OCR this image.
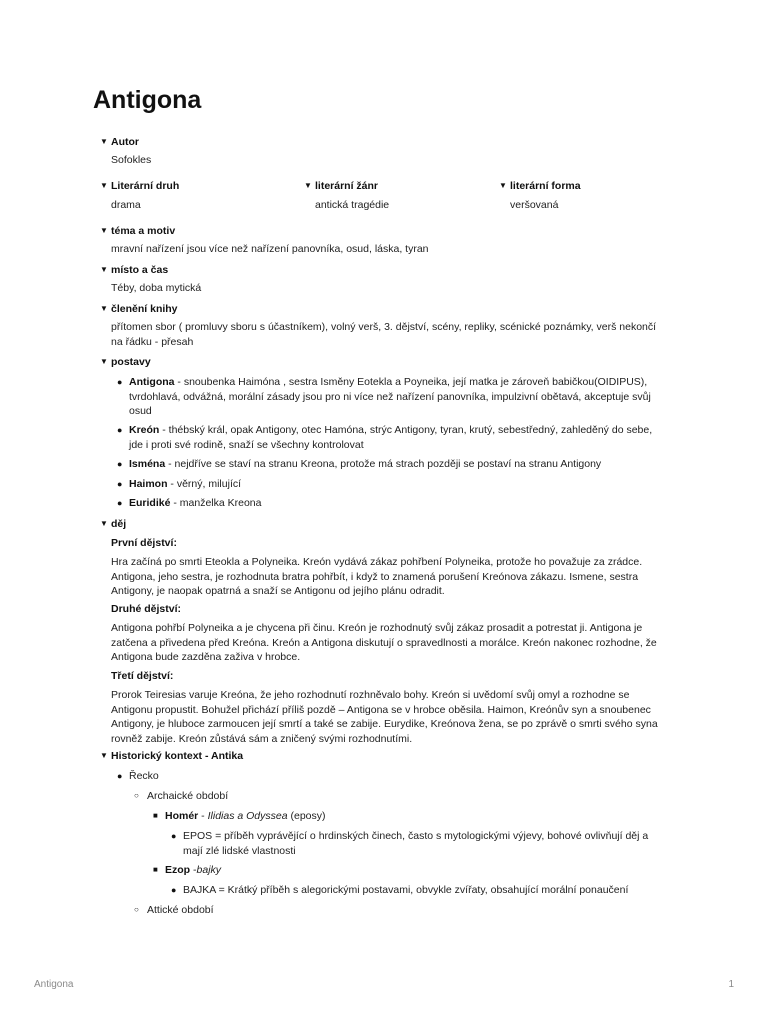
Antigona
▼ Autor
Sofokles
▼ Literární druh
drama
▼ literární žánr
antická tragédie
▼ literární forma
veršovaná
▼ téma a motiv
mravní nařízení jsou více než nařízení panovníka, osud, láska, tyran
▼ místo a čas
Téby, doba mytická
▼ členění knihy
přítomen sbor ( promluvy sboru s účastníkem), volný verš, 3. dějství, scény, repliky, scénické poznámky, verš nekončí
na řádku - přesah
▼ postavy
● Antigona - snoubenka Haimóna , sestra Isměny Eotekla a Poyneika, její matka je zároveň babičkou(OIDIPUS),
tvrdohlavá, odvážná, morální zásady jsou pro ni více než nařízení panovníka, impulzivní obětavá, akceptuje svůj
osud
● Kreón - thébský král, opak Antigony, otec Hamóna, strýc Antigony, tyran, krutý, sebestředný, zahleděný do sebe,
jde i proti své rodině, snaží se všechny kontrolovat
● Isména - nejdříve se staví na stranu Kreona, protože má strach později se postaví na stranu Antigony
● Haimon - věrný, milující
● Euridiké - manželka Kreona
▼ děj
První dějství:
Hra začíná po smrti Eteokla a Polyneika. Kreón vydává zákaz pohřbení Polyneika, protože ho považuje za zrádce.
Antigona, jeho sestra, je rozhodnuta bratra pohřbít, i když to znamená porušení Kreónova zákazu. Ismene, sestra
Antigony, je naopak opatrná a snaží se Antigonu od jejího plánu odradit.
Druhé dějství:
Antigona pohřbí Polyneika a je chycena při činu. Kreón je rozhodnutý svůj zákaz prosadit a potrestat ji. Antigona je
zatčena a přivedena před Kreóna. Kreón a Antigona diskutují o spravedlnosti a morálce. Kreón nakonec rozhodne, že
Antigona bude zazděna zaživa v hrobce.
Třetí dějství:
Prorok Teiresias varuje Kreóna, že jeho rozhodnutí rozhněvalo bohy. Kreón si uvědomí svůj omyl a rozhodne se
Antigonu propustit. Bohužel přichází příliš pozdě – Antigona se v hrobce oběsila. Haimon, Kreónův syn a snoubenec
Antigony, je hluboce zarmoucen její smrtí a také se zabije. Eurydike, Kreónova žena, se po zprávě o smrti svého syna
rovněž zabije. Kreón zůstává sám a zničený svými rozhodnutími.
▼ Historický kontext - Antika
● Řecko
○ Archaické období
■ Homér - Ilidias a Odyssea (eposy)
● EPOS = příběh vyprávějící o hrdinských činech, často s mytologickými výjevy, bohové ovlivňují děj a
mají zlé lidské vlastnosti
■ Ezop -bajky
● BAJKA = Krátký příběh s alegorickými postavami, obvykle zvířaty, obsahující morální ponaučení
○ Attické období
Antigona	1
